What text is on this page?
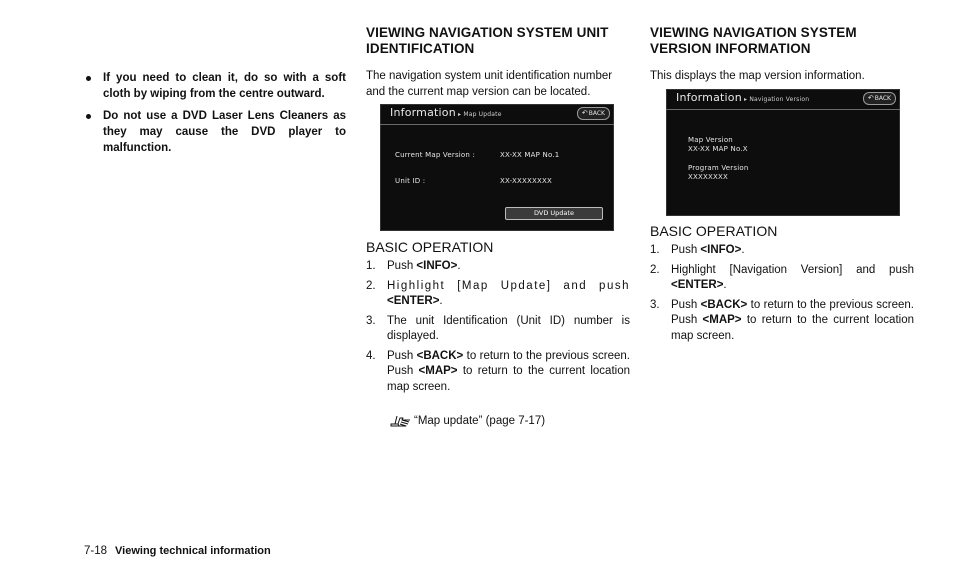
If you need to clean it, do so with a soft cloth by wiping from the centre outward.
Do not use a DVD Laser Lens Cleaners as they may cause the DVD player to malfunction.
VIEWING NAVIGATION SYSTEM UNIT IDENTIFICATION

The navigation system unit identification number and the current map version can be located.

Information ▸ Map Update	↶BACK
Current Map Version :	XX-XX MAP No.1
Unit ID :	XX-XXXXXXXX
DVD Update
BASIC OPERATION
1. Push <INFO>.
2. Highlight [Map Update] and push <ENTER>.
3. The unit Identification (Unit ID) number is displayed.
4. Push <BACK> to return to the previous screen. Push <MAP> to return to the current location map screen.
“Map update” (page 7-17)
VIEWING NAVIGATION SYSTEM VERSION INFORMATION

This displays the map version information.

Information ▸ Navigation Version	↶BACK
Map Version
XX-XX MAP No.X
Program Version
XXXXXXXX
BASIC OPERATION
1. Push <INFO>.
2. Highlight [Navigation Version] and push <ENTER>.
3. Push <BACK> to return to the previous screen. Push <MAP> to return to the current location map screen.
7-18 Viewing technical information
